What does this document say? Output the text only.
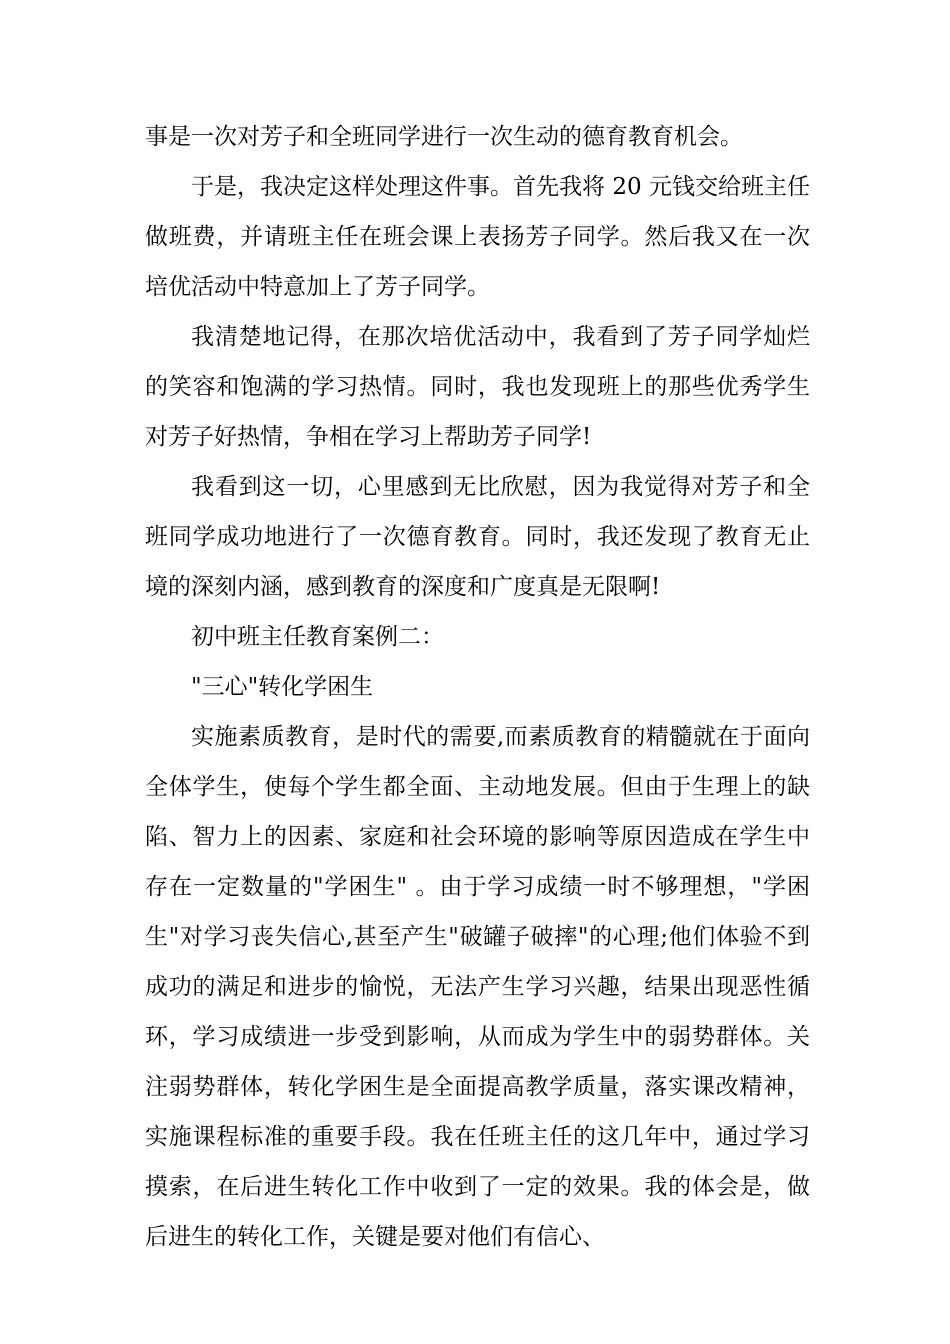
事是一次对芳子和全班同学进行一次生动的德育教育机会。

于是，我决定这样处理这件事。首先我将 20 元钱交给班主任做班费，并请班主任在班会课上表扬芳子同学。然后我又在一次培优活动中特意加上了芳子同学。

我清楚地记得，在那次培优活动中，我看到了芳子同学灿烂的笑容和饱满的学习热情。同时，我也发现班上的那些优秀学生对芳子好热情，争相在学习上帮助芳子同学!

我看到这一切，心里感到无比欣慰，因为我觉得对芳子和全班同学成功地进行了一次德育教育。同时，我还发现了教育无止境的深刻内涵，感到教育的深度和广度真是无限啊!

初中班主任教育案例二：

"三心"转化学困生

实施素质教育，是时代的需要,而素质教育的精髓就在于面向全体学生，使每个学生都全面、主动地发展。但由于生理上的缺陷、智力上的因素、家庭和社会环境的影响等原因造成在学生中存在一定数量的"学困生" 。由于学习成绩一时不够理想，"学困生"对学习丧失信心,甚至产生"破罐子破摔"的心理;他们体验不到成功的满足和进步的愉悦，无法产生学习兴趣，结果出现恶性循环，学习成绩进一步受到影响，从而成为学生中的弱势群体。关注弱势群体，转化学困生是全面提高教学质量，落实课改精神，实施课程标准的重要手段。我在任班主任的这几年中，通过学习摸索，在后进生转化工作中收到了一定的效果。我的体会是，做后进生的转化工作，关键是要对他们有信心、
